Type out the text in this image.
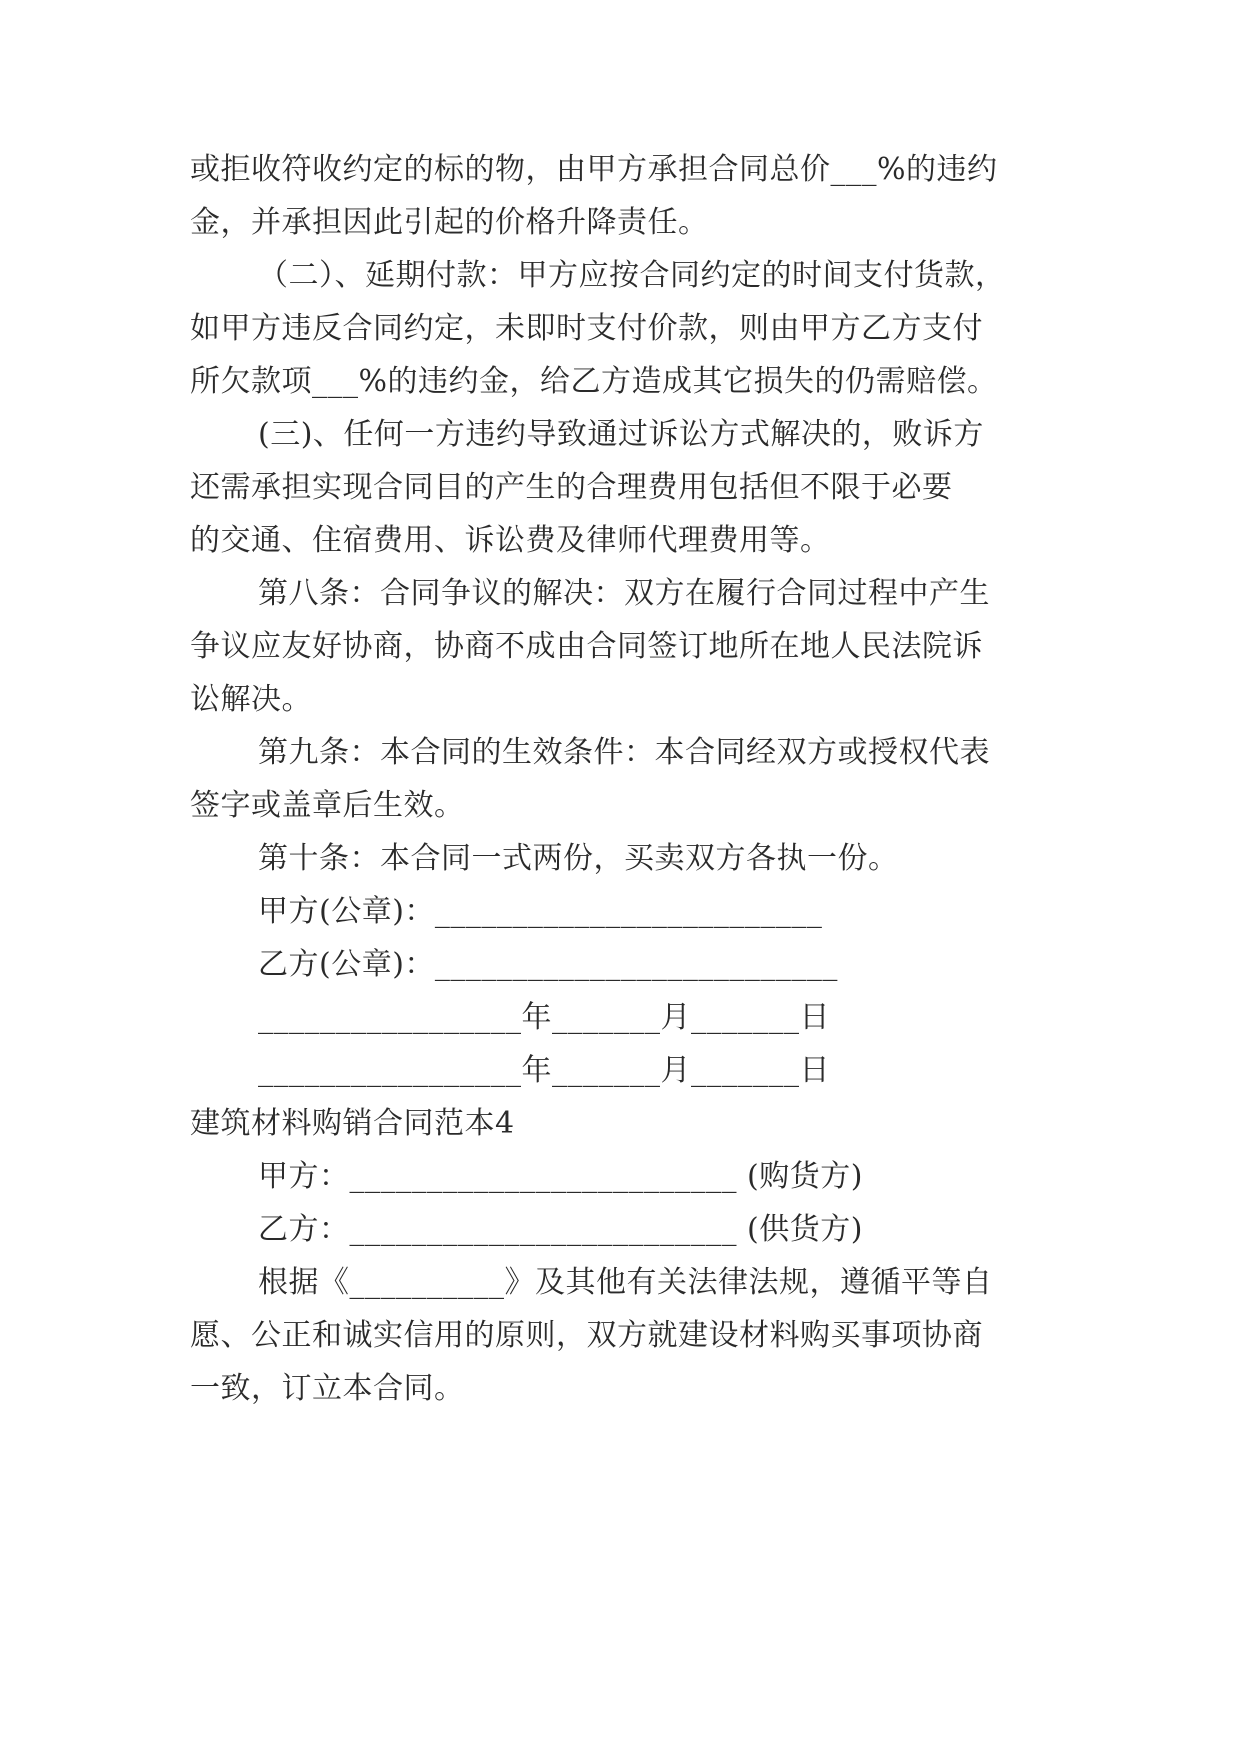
或拒收符收约定的标的物，由甲方承担合同总价___%的违约
金，并承担因此引起的价格升降责任。
（二）、延期付款：甲方应按合同约定的时间支付货款，
如甲方违反合同约定，未即时支付价款，则由甲方乙方支付
所欠款项___%的违约金，给乙方造成其它损失的仍需赔偿。
(三)、任何一方违约导致通过诉讼方式解决的，败诉方
还需承担实现合同目的产生的合理费用包括但不限于必要
的交通、住宿费用、诉讼费及律师代理费用等。
第八条：合同争议的解决：双方在履行合同过程中产生
争议应友好协商，协商不成由合同签订地所在地人民法院诉
讼解决。
第九条：本合同的生效条件：本合同经双方或授权代表
签字或盖章后生效。
第十条：本合同一式两份，买卖双方各执一份。
甲方(公章)：_________________________
乙方(公章)：__________________________
_________________年_______月_______日
_________________年_______月_______日
建筑材料购销合同范本4
甲方：_________________________ (购货方)
乙方：_________________________ (供货方)
根据《__________》及其他有关法律法规，遵循平等自
愿、公正和诚实信用的原则，双方就建设材料购买事项协商
一致，订立本合同。
